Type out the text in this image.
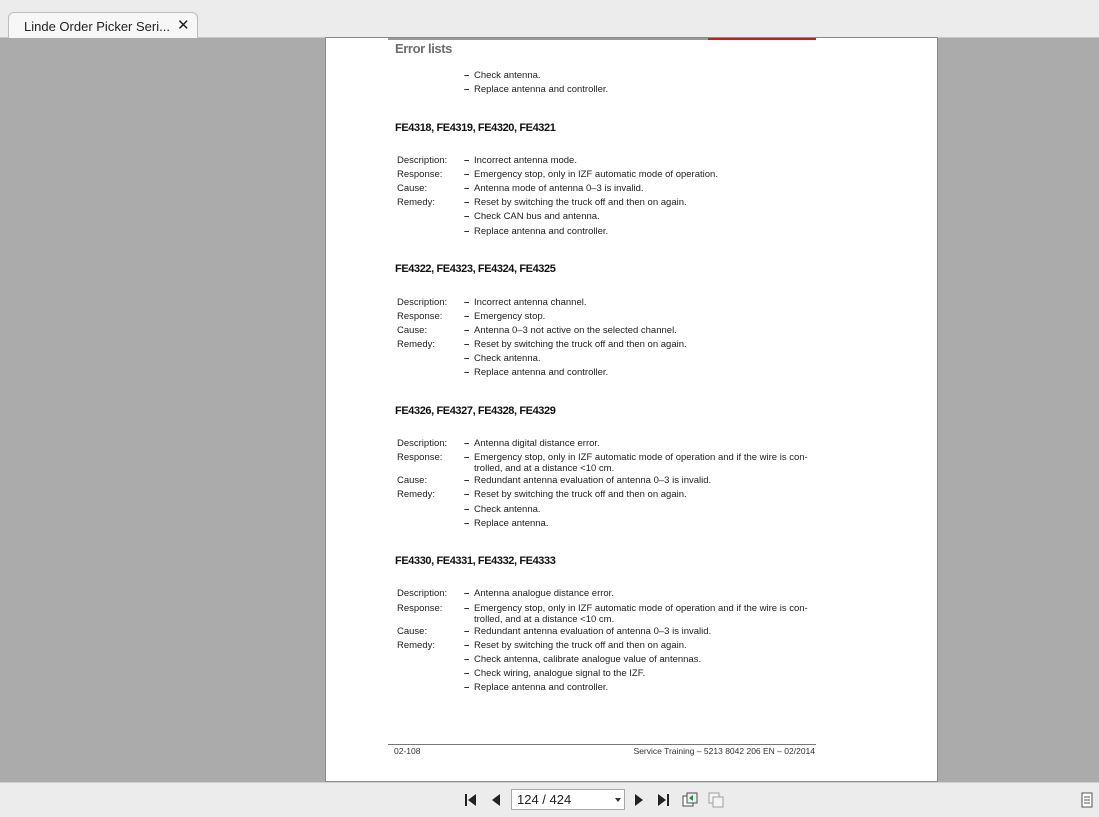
Linde Order Picker Seri... ✕
Error lists
– Check antenna.
– Replace antenna and controller.
FE4318, FE4319, FE4320, FE4321
Description:	– Incorrect antenna mode.
Response:	– Emergency stop, only in IZF automatic mode of operation.
Cause:	– Antenna mode of antenna 0–3 is invalid.
Remedy:	– Reset by switching the truck off and then on again.
– Check CAN bus and antenna.
– Replace antenna and controller.
FE4322, FE4323, FE4324, FE4325
Description:	– Incorrect antenna channel.
Response:	– Emergency stop.
Cause:	– Antenna 0–3 not active on the selected channel.
Remedy:	– Reset by switching the truck off and then on again.
– Check antenna.
– Replace antenna and controller.
FE4326, FE4327, FE4328, FE4329
Description:	– Antenna digital distance error.
Response:	– Emergency stop, only in IZF automatic mode of operation and if the wire is con-
trolled, and at a distance <10 cm.
Cause:	– Redundant antenna evaluation of antenna 0–3 is invalid.
Remedy:	– Reset by switching the truck off and then on again.
– Check antenna.
– Replace antenna.
FE4330, FE4331, FE4332, FE4333
Description:	– Antenna analogue distance error.
Response:	– Emergency stop, only in IZF automatic mode of operation and if the wire is con-
trolled, and at a distance <10 cm.
Cause:	– Redundant antenna evaluation of antenna 0–3 is invalid.
Remedy:	– Reset by switching the truck off and then on again.
– Check antenna, calibrate analogue value of antennas.
– Check wiring, analogue signal to the IZF.
– Replace antenna and controller.
02-108	Service Training – 5213 8042 206 EN – 02/2014
124 / 424
